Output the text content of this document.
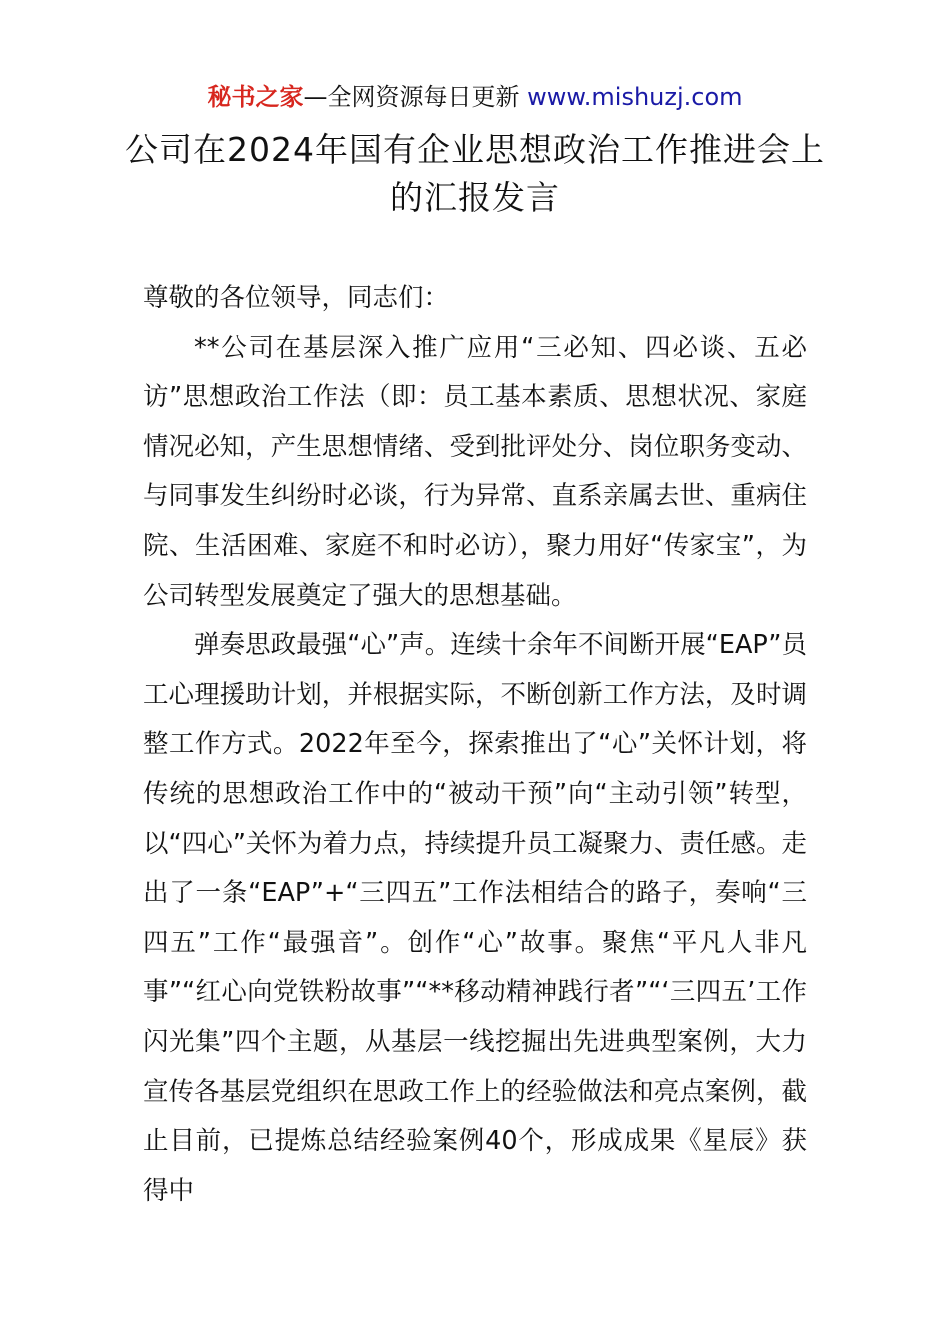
秘书之家—全网资源每日更新 www.mishuzj.com
公司在2024年国有企业思想政治工作推进会上的汇报发言

尊敬的各位领导，同志们：

**公司在基层深入推广应用“三必知、四必谈、五必访”思想政治工作法（即：员工基本素质、思想状况、家庭情况必知，产生思想情绪、受到批评处分、岗位职务变动、与同事发生纠纷时必谈，行为异常、直系亲属去世、重病住院、生活困难、家庭不和时必访），聚力用好“传家宝”，为公司转型发展奠定了强大的思想基础。

弹奏思政最强“心”声。连续十余年不间断开展“EAP”员工心理援助计划，并根据实际，不断创新工作方法，及时调整工作方式。2022年至今，探索推出了“心”关怀计划，将传统的思想政治工作中的“被动干预”向“主动引领”转型，以“四心”关怀为着力点，持续提升员工凝聚力、责任感。走出了一条“EAP”+“三四五”工作法相结合的路子，奏响“三四五”工作“最强音”。创作“心”故事。聚焦“平凡人非凡事”“红心向党铁粉故事”“**移动精神践行者”“‘三四五’工作闪光集”四个主题，从基层一线挖掘出先进典型案例，大力宣传各基层党组织在思政工作上的经验做法和亮点案例，截止目前，已提炼总结经验案例40个，形成成果《星辰》获得中
